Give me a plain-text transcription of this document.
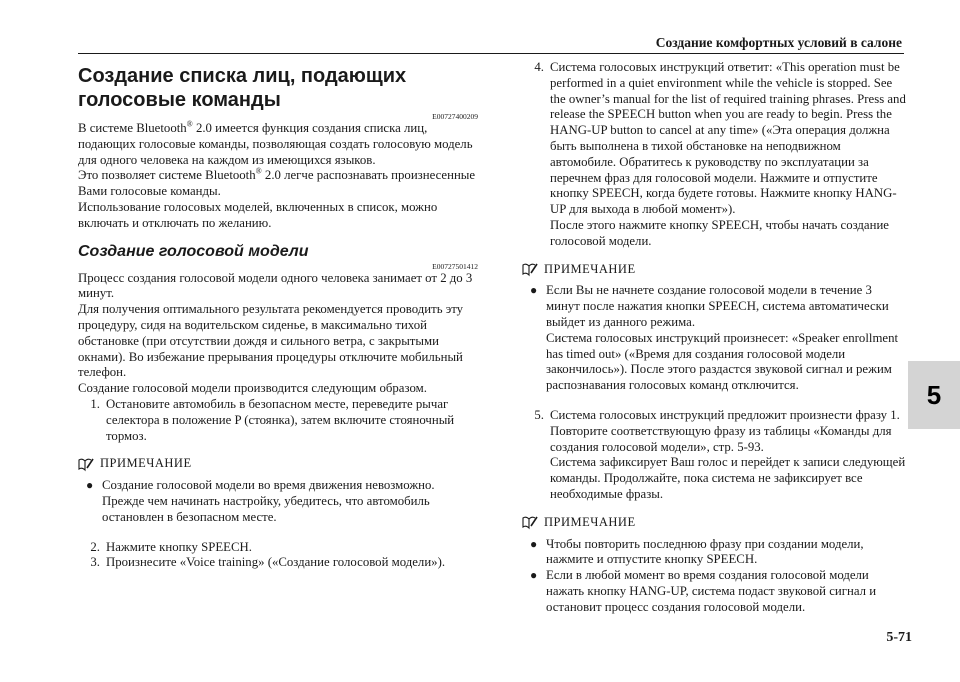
Создание комфортных условий в салоне
5
5-71
Создание списка лиц, подающих голосовые команды

E00727400209

В системе Bluetooth® 2.0 имеется функция создания списка лиц, подающих голосовые команды, позволяющая создать голосовую модель для одного человека на каждом из имеющихся языков.

Это позволяет системе Bluetooth® 2.0 легче распознавать произнесенные Вами голосовые команды.

Использование голосовых моделей, включенных в список, можно включать и отключать по желанию.

Создание голосовой модели

E00727501412

Процесс создания голосовой модели одного человека занимает от 2 до 3 минут.

Для получения оптимального результата рекомендуется проводить эту процедуру, сидя на водительском сиденье, в максимально тихой обстановке (при отсутствии дождя и сильного ветра, с закрытыми окнами). Во избежание прерывания процедуры отключите мобильный телефон.

Создание голосовой модели производится следующим образом.

1. Остановите автомобиль в безопасном месте, переведите рычаг селектора в положение P (стоянка), затем включите стояночный тормоз.
ПРИМЕЧАНИЕ
● Создание голосовой модели во время движения невозможно. Прежде чем начинать настройку, убедитесь, что автомобиль остановлен в безопасном месте.
2. Нажмите кнопку SPEECH.
3. Произнесите «Voice training» («Создание голосовой модели»).
4. Система голосовых инструкций ответит: «This operation must be performed in a quiet environment while the vehicle is stopped. See the owner’s manual for the list of required training phrases. Press and release the SPEECH button when you are ready to begin. Press the HANG-UP button to cancel at any time» («Эта операция должна быть выполнена в тихой обстановке на неподвижном автомобиле. Обратитесь к руководству по эксплуатации за перечнем фраз для голосовой модели. Нажмите и отпустите кнопку SPEECH, когда будете готовы. Нажмите кнопку HANG-UP для выхода в любой момент»).
После этого нажмите кнопку SPEECH, чтобы начать создание голосовой модели.
ПРИМЕЧАНИЕ
● Если Вы не начнете создание голосовой модели в течение 3 минут после нажатия кнопки SPEECH, система автоматически выйдет из данного режима.
Система голосовых инструкций произнесет: «Speaker enrollment has timed out» («Время для создания голосовой модели закончилось»). После этого раздастся звуковой сигнал и режим распознавания голосовых команд отключится.
5. Система голосовых инструкций предложит произнести фразу 1. Повторите соответствующую фразу из таблицы «Команды для создания голосовой модели», стр. 5-93.
Система зафиксирует Ваш голос и перейдет к записи следующей команды. Продолжайте, пока система не зафиксирует все необходимые фразы.
ПРИМЕЧАНИЕ
● Чтобы повторить последнюю фразу при создании модели, нажмите и отпустите кнопку SPEECH.
● Если в любой момент во время создания голосовой модели нажать кнопку HANG-UP, система подаст звуковой сигнал и остановит процесс создания голосовой модели.
